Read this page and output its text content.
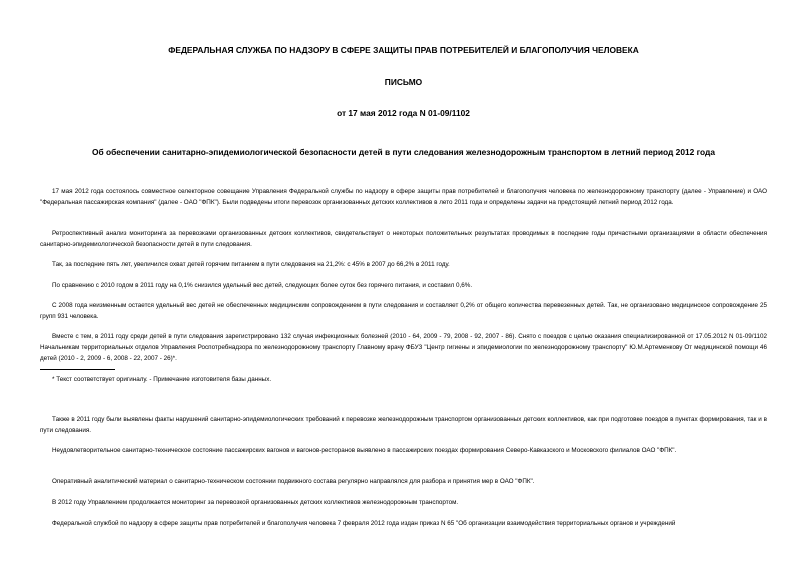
ФЕДЕРАЛЬНАЯ СЛУЖБА ПО НАДЗОРУ В СФЕРЕ ЗАЩИТЫ ПРАВ ПОТРЕБИТЕЛЕЙ И БЛАГОПОЛУЧИЯ ЧЕЛОВЕКА
ПИСЬМО
от 17 мая 2012 года N 01-09/1102
Об обеспечении санитарно-эпидемиологической безопасности детей в пути следования железнодорожным транспортом в летний период 2012 года
17 мая 2012 года состоялось совместное селекторное совещание Управления Федеральной службы по надзору в сфере защиты прав потребителей и благополучия человека по железнодорожному транспорту (далее - Управление) и ОАО "Федеральная пассажирская компания" (далее - ОАО "ФПК"). Были подведены итоги перевозок организованных детских коллективов в лето 2011 года и определены задачи на предстоящий летний период 2012 года.
Ретроспективный анализ мониторинга за перевозками организованных детских коллективов, свидетельствует о некоторых положительных результатах проводимых в последние годы причастными организациями в области обеспечения санитарно-эпидемиологической безопасности детей в пути следования.
Так, за последние пять лет, увеличился охват детей горячим питанием в пути следования на 21,2%: с 45% в 2007 до 66,2% в 2011 году.
По сравнению с 2010 годом в 2011 году на 0,1% снизился удельный вес детей, следующих более суток без горячего питания, и составил 0,6%.
С 2008 года неизменным остается удельный вес детей не обеспеченных медицинским сопровождением в пути следования и составляет 0,2% от общего количества перевезенных детей. Так, не организовано медицинское сопровождение 25 групп 931 человека.
Вместе с тем, в 2011 году среди детей в пути следования зарегистрировано 132 случая инфекционных болезней (2010 - 64, 2009 - 79, 2008 - 92, 2007 - 86). Снято с поездов с целью оказания специализированной от 17.05.2012 N 01-09/1102 Начальникам территориальных отделов Управления Роспотребнадзора по железнодорожному транспорту Главному врачу ФБУЗ "Центр гигиены и эпидемиологии по железнодорожному транспорту" Ю.М.Артеменкову От медицинской помощи 46 детей (2010 - 2, 2009 - 6, 2008 - 22, 2007 - 26)*.
* Текст соответствует оригиналу. - Примечание изготовителя базы данных.
Также в 2011 году были выявлены факты нарушений санитарно-эпидемиологических требований к перевозке железнодорожным транспортом организованных детских коллективов, как при подготовке поездов в пунктах формирования, так и в пути следования.
Неудовлетворительное санитарно-техническое состояние пассажирских вагонов и вагонов-ресторанов выявлено в пассажирских поездах формирования Северо-Кавказского и Московского филиалов ОАО "ФПК".
Оперативный аналитический материал о санитарно-техническом состоянии подвижного состава регулярно направлялся для разбора и принятия мер в ОАО "ФПК".
В 2012 году Управлением продолжается мониторинг за перевозкой организованных детских коллективов железнодорожным транспортом.
Федеральной службой по надзору в сфере защиты прав потребителей и благополучия человека 7 февраля 2012 года издан приказ N 65 "Об организации взаимодействия территориальных органов и учреждений
